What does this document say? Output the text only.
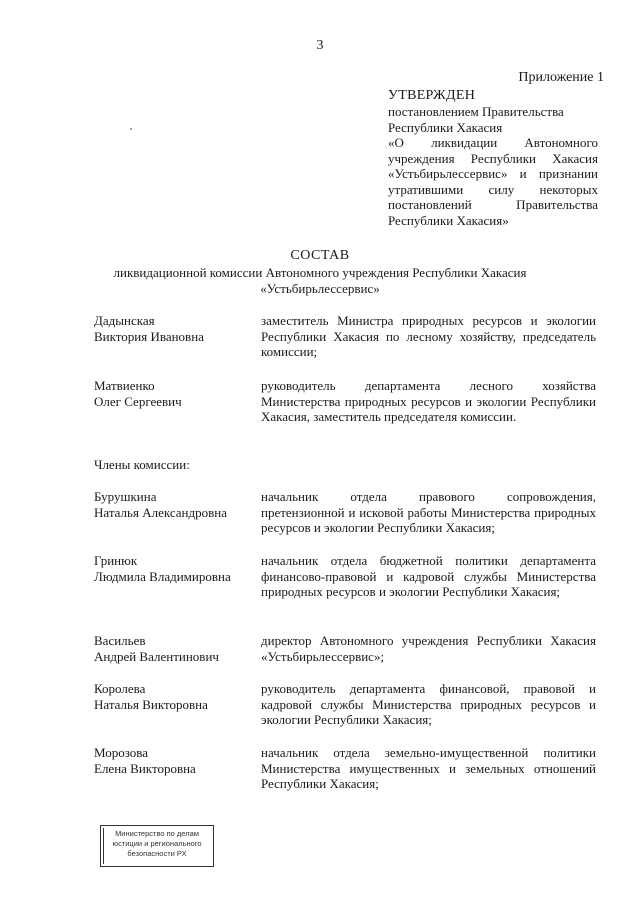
3
Приложение 1
УТВЕРЖДЕН
постановлением Правительства
Республики Хакасия
«О ликвидации Автономного учреждения Республики Хакасия «Устьбирьлессервис» и признании утратившими силу некоторых постановлений Правительства Республики Хакасия»
СОСТАВ
ликвидационной комиссии Автономного учреждения Республики Хакасия «Устьбирьлессервис»
Дадынская
Виктория Ивановна
заместитель Министра природных ресурсов и экологии Республики Хакасия по лесному хозяйству, председатель комиссии;
Матвиенко
Олег Сергеевич
руководитель департамента лесного хозяйства Министерства природных ресурсов и экологии Республики Хакасия, заместитель председателя комиссии.
Члены комиссии:
Бурушкина
Наталья Александровна
начальник отдела правового сопровождения, претензионной и исковой работы Министерства природных ресурсов и экологии Республики Хакасия;
Гринюк
Людмила Владимировна
начальник отдела бюджетной политики департамента финансово-правовой и кадровой службы Министерства природных ресурсов и экологии Республики Хакасия;
Васильев
Андрей Валентинович
директор Автономного учреждения Республики Хакасия «Устьбирьлессервис»;
Королева
Наталья Викторовна
руководитель департамента финансовой, правовой и кадровой службы Министерства природных ресурсов и экологии Республики Хакасия;
Морозова
Елена Викторовна
начальник отдела земельно-имущественной политики Министерства имущественных и земельных отношений Республики Хакасия;
Министерство по делам
юстиции и регионального
безопасности РХ
